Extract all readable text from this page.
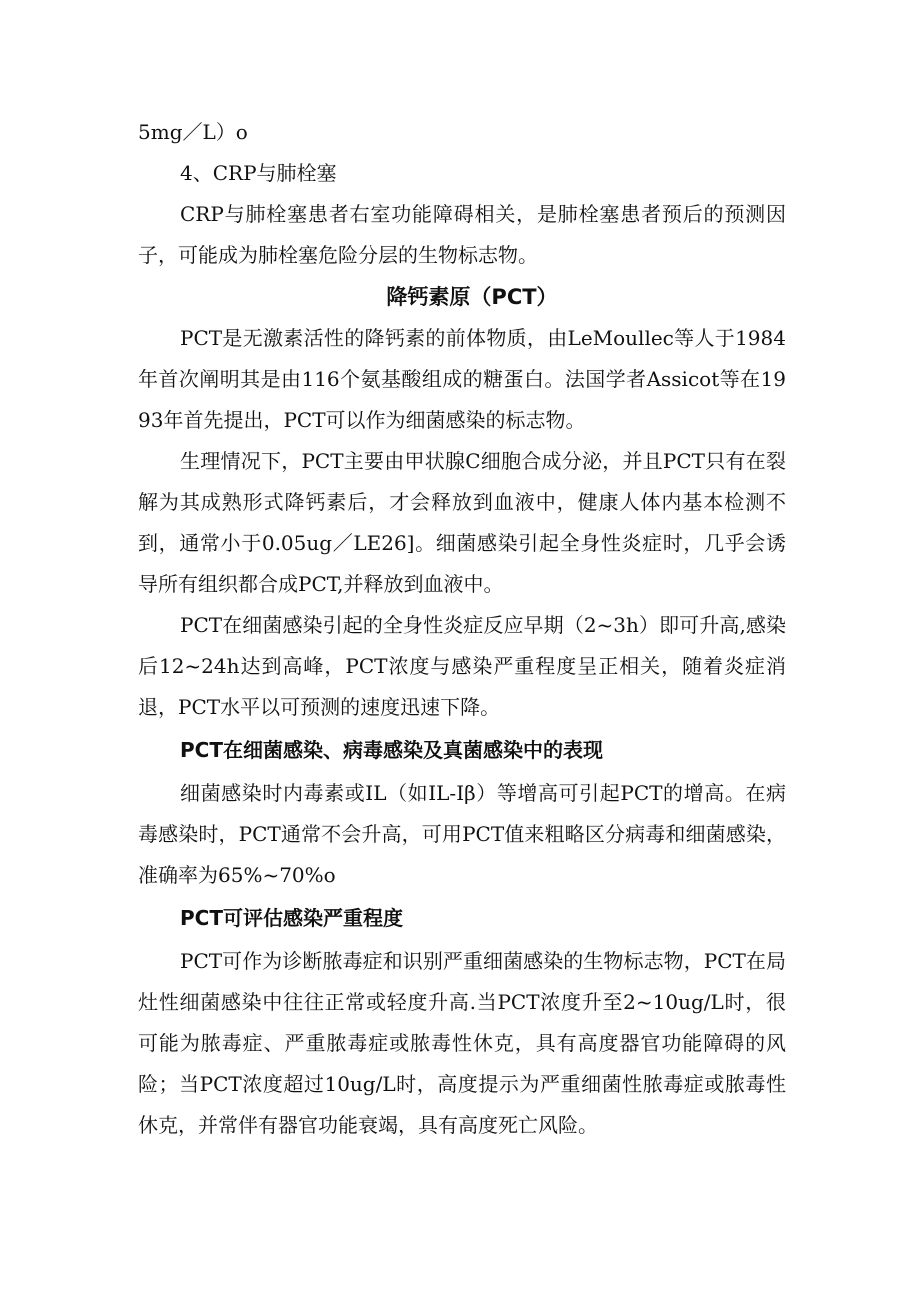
5mg／L）o

4、CRP与肺栓塞

CRP与肺栓塞患者右室功能障碍相关，是肺栓塞患者预后的预测因子，可能成为肺栓塞危险分层的生物标志物。

降钙素原（PCT）

PCT是无激素活性的降钙素的前体物质，由LeMoullec等人于1984年首次阐明其是由116个氨基酸组成的糖蛋白。法国学者Assicot等在1993年首先提出，PCT可以作为细菌感染的标志物。

生理情况下，PCT主要由甲状腺C细胞合成分泌，并且PCT只有在裂解为其成熟形式降钙素后，才会释放到血液中，健康人体内基本检测不到，通常小于0.05ug／LE26]。细菌感染引起全身性炎症时，几乎会诱导所有组织都合成PCT,并释放到血液中。

PCT在细菌感染引起的全身性炎症反应早期（2~3h）即可升高,感染后12~24h达到高峰，PCT浓度与感染严重程度呈正相关，随着炎症消退，PCT水平以可预测的速度迅速下降。

PCT在细菌感染、病毒感染及真菌感染中的表现

细菌感染时内毒素或IL（如IL-Iβ）等增高可引起PCT的增高。在病毒感染时，PCT通常不会升高，可用PCT值来粗略区分病毒和细菌感染，准确率为65%~70%o

PCT可评估感染严重程度

PCT可作为诊断脓毒症和识别严重细菌感染的生物标志物，PCT在局灶性细菌感染中往往正常或轻度升高.当PCT浓度升至2~10ug/L时，很可能为脓毒症、严重脓毒症或脓毒性休克，具有高度器官功能障碍的风险；当PCT浓度超过10ug/L时，高度提示为严重细菌性脓毒症或脓毒性休克，并常伴有器官功能衰竭，具有高度死亡风险。
